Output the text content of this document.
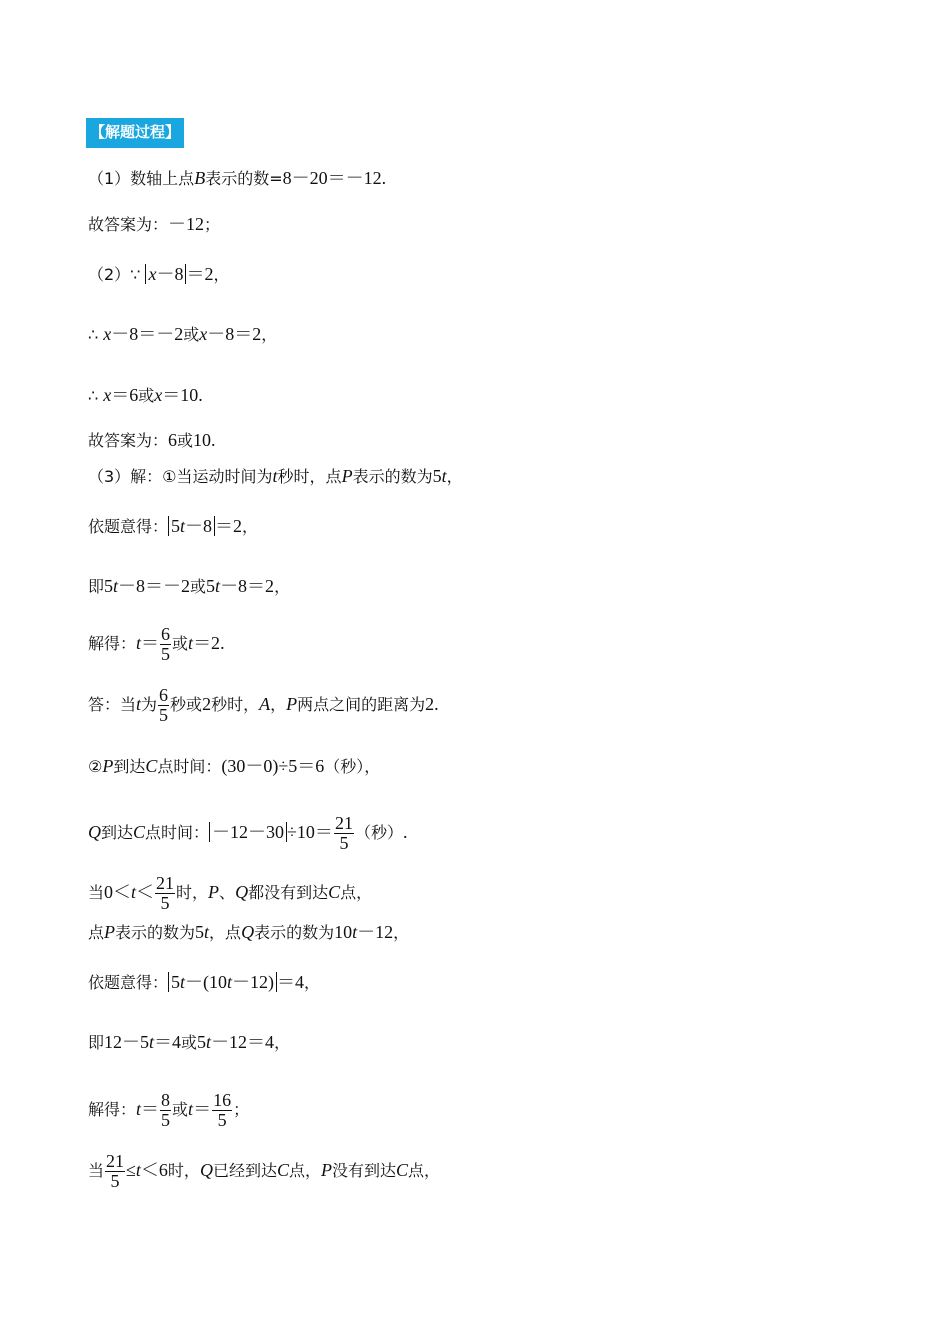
【解题过程】
（1）数轴上点B表示的数=8－20＝－12.
故答案为：－12；
（2）∵ x－8 ＝2，
∴ x－8＝－2或x－8＝2，
∴ x＝6或x＝10.
故答案为：6或10.
（3）解：①当运动时间为t秒时，点P表示的数为5t，
依题意得： 5t－8 ＝2，
即5t－8＝－2或5t－8＝2，
解得：$t= \frac{6}{5}$ 或t＝2.
答：当t为 $\frac{6}{5}$ 秒或2秒时，A，P两点之间的距离为2.
②P到达C点时间：(30－0)÷5＝6（秒），
Q到达C点时间： $-12-30 \div 10= \frac{21}{5}$ （秒）.
当$0<t< \frac{21}{5}$ 时，P、Q都没有到达C点，
点P表示的数为5t，点Q表示的数为10t－12，
依题意得： 5t－(10t－12) ＝4，
即12－5t＝4或5t－12＝4，
解得：$t= \frac{8}{5}$ 或$t= \frac{16}{5}$ ；
当 $\frac{21}{5} \le t<6$时，Q已经到达C点，P没有到达C点，
